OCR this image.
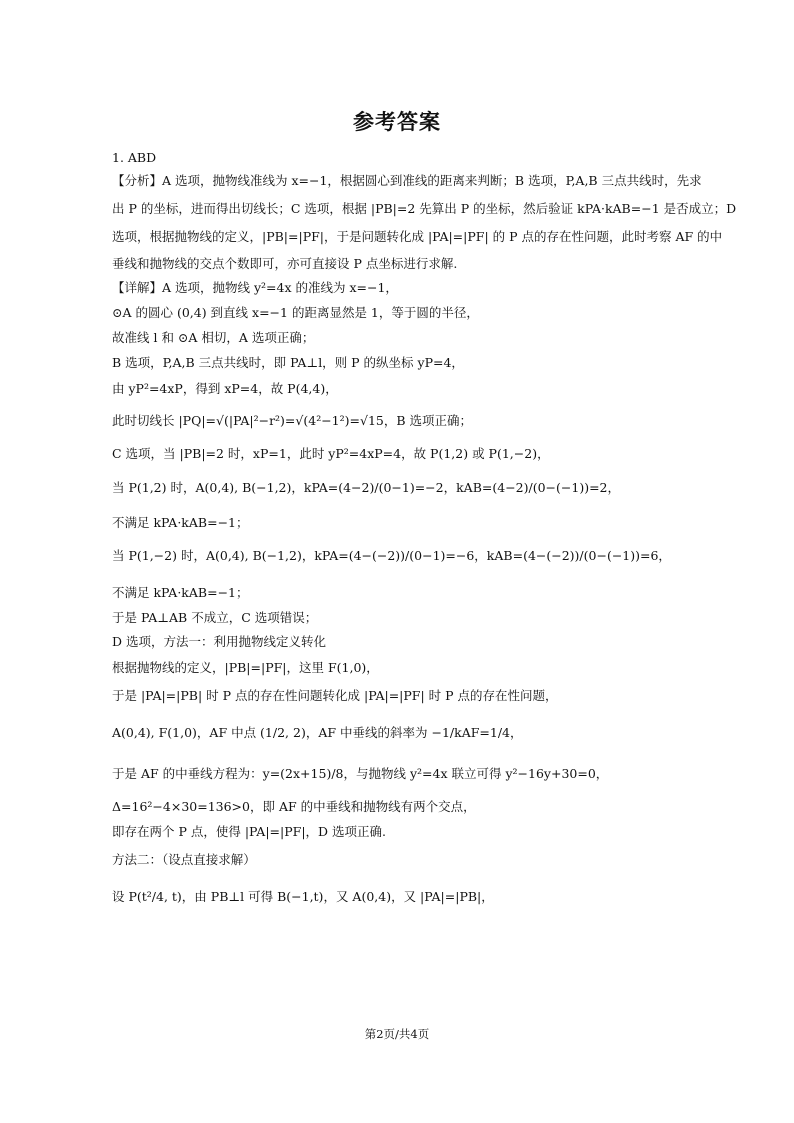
参考答案
1. ABD
【分析】A 选项，抛物线准线为 x=−1，根据圆心到准线的距离来判断；B 选项，P,A,B 三点共线时，先求
出 P 的坐标，进而得出切线长；C 选项，根据 |PB|=2 先算出 P 的坐标，然后验证 kPA·kAB=−1 是否成立；D
选项，根据抛物线的定义，|PB|=|PF|，于是问题转化成 |PA|=|PF| 的 P 点的存在性问题，此时考察 AF 的中
垂线和抛物线的交点个数即可，亦可直接设 P 点坐标进行求解.
【详解】A 选项，抛物线 y²=4x 的准线为 x=−1，
⊙A 的圆心 (0,4) 到直线 x=−1 的距离显然是 1，等于圆的半径，
故准线 l 和 ⊙A 相切，A 选项正确；
B 选项，P,A,B 三点共线时，即 PA⊥l，则 P 的纵坐标 yP=4，
由 yP²=4xP，得到 xP=4，故 P(4,4)，
此时切线长 |PQ|=√(|PA|²−r²)=√(4²−1²)=√15，B 选项正确；
C 选项，当 |PB|=2 时，xP=1，此时 yP²=4xP=4，故 P(1,2) 或 P(1,−2)，
当 P(1,2) 时，A(0,4), B(−1,2)，kPA=(4−2)/(0−1)=−2，kAB=(4−2)/(0−(−1))=2，
不满足 kPA·kAB=−1；
当 P(1,−2) 时，A(0,4), B(−1,2)，kPA=(4−(−2))/(0−1)=−6，kAB=(4−(−2))/(0−(−1))=6，
不满足 kPA·kAB=−1；
于是 PA⊥AB 不成立，C 选项错误；
D 选项，方法一：利用抛物线定义转化
根据抛物线的定义，|PB|=|PF|，这里 F(1,0)，
于是 |PA|=|PB| 时 P 点的存在性问题转化成 |PA|=|PF| 时 P 点的存在性问题，
A(0,4), F(1,0)，AF 中点 (1/2, 2)，AF 中垂线的斜率为 −1/kAF=1/4，
于是 AF 的中垂线方程为：y=(2x+15)/8，与抛物线 y²=4x 联立可得 y²−16y+30=0，
Δ=16²−4×30=136>0，即 AF 的中垂线和抛物线有两个交点，
即存在两个 P 点，使得 |PA|=|PF|，D 选项正确.
方法二：（设点直接求解）
设 P(t²/4, t)，由 PB⊥l 可得 B(−1,t)，又 A(0,4)，又 |PA|=|PB|，
第2页/共4页
